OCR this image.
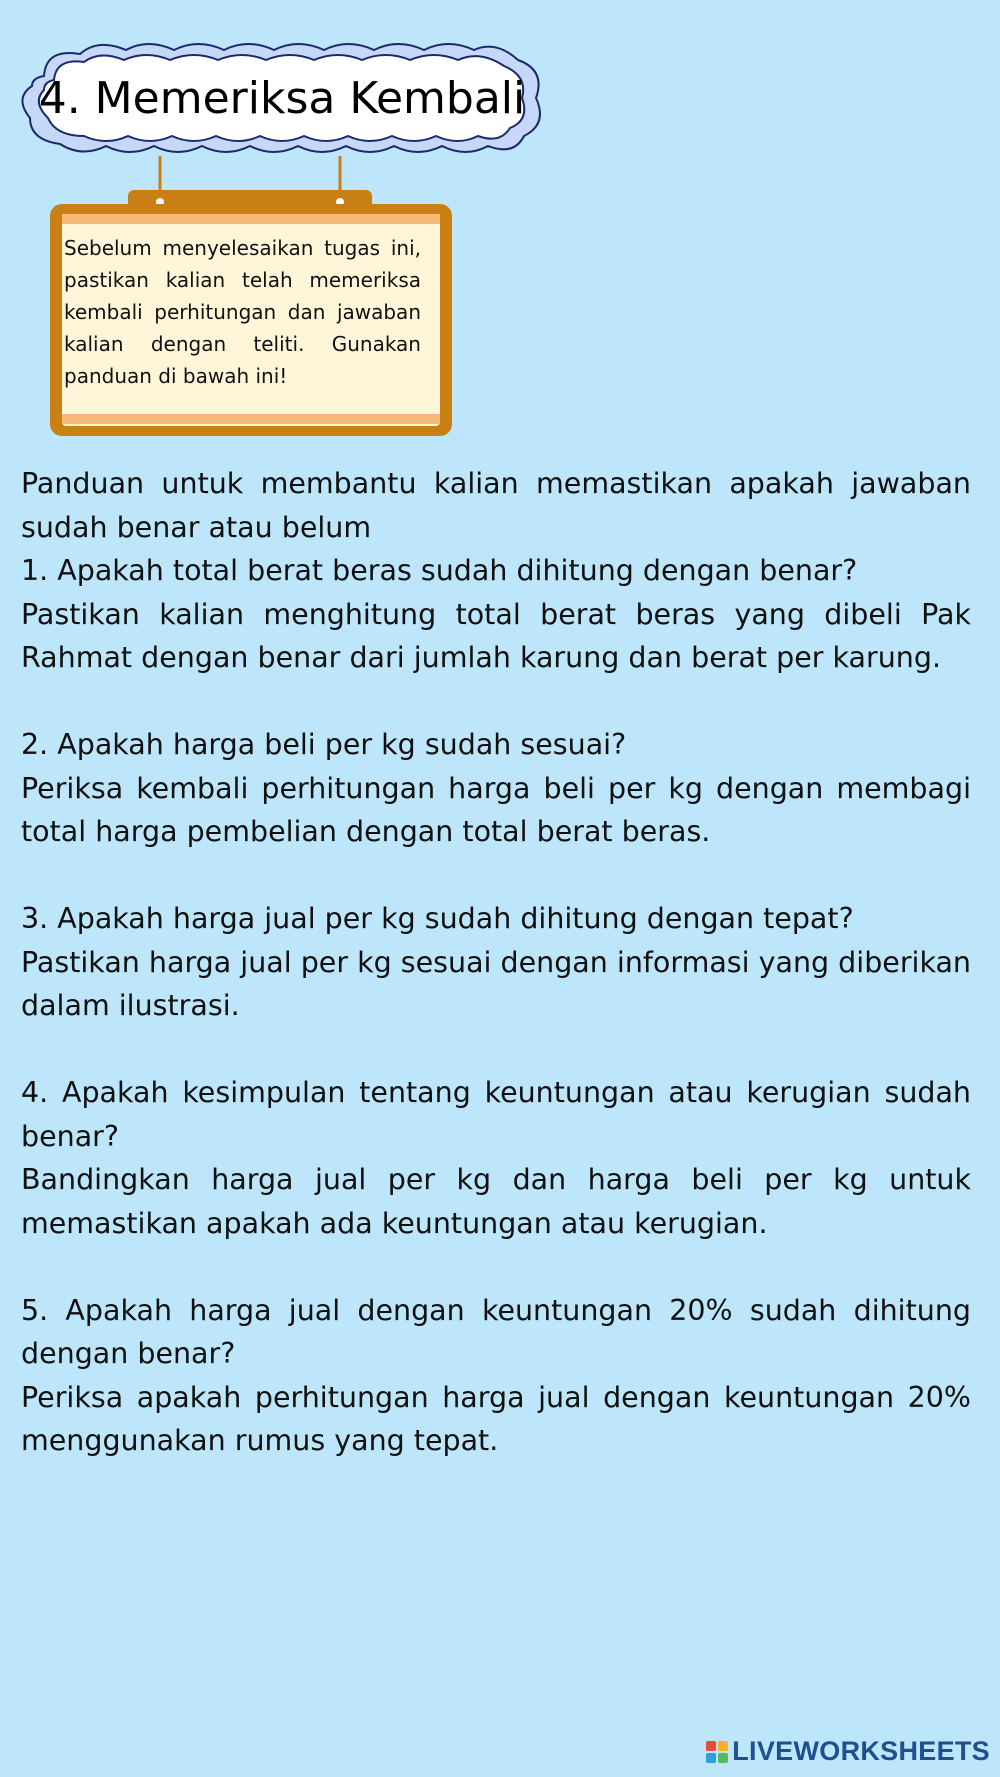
4. Memeriksa Kembali
Sebelum menyelesaikan tugas ini, pastikan kalian telah memeriksa kembali perhitungan dan jawaban kalian dengan teliti. Gunakan panduan di bawah ini!

Panduan untuk membantu kalian memastikan apakah jawaban sudah benar atau belum

1. Apakah total berat beras sudah dihitung dengan benar?

Pastikan kalian menghitung total berat beras yang dibeli Pak Rahmat dengan benar dari jumlah karung dan berat per karung.

2. Apakah harga beli per kg sudah sesuai?

Periksa kembali perhitungan harga beli per kg dengan membagi total harga pembelian dengan total berat beras.

3. Apakah harga jual per kg sudah dihitung dengan tepat?

Pastikan harga jual per kg sesuai dengan informasi yang diberikan dalam ilustrasi.

4. Apakah kesimpulan tentang keuntungan atau kerugian sudah benar?

Bandingkan harga jual per kg dan harga beli per kg untuk memastikan apakah ada keuntungan atau kerugian.

5. Apakah harga jual dengan keuntungan 20% sudah dihitung dengan benar?

Periksa apakah perhitungan harga jual dengan keuntungan 20% menggunakan rumus yang tepat.

LIVEWORKSHEETS
